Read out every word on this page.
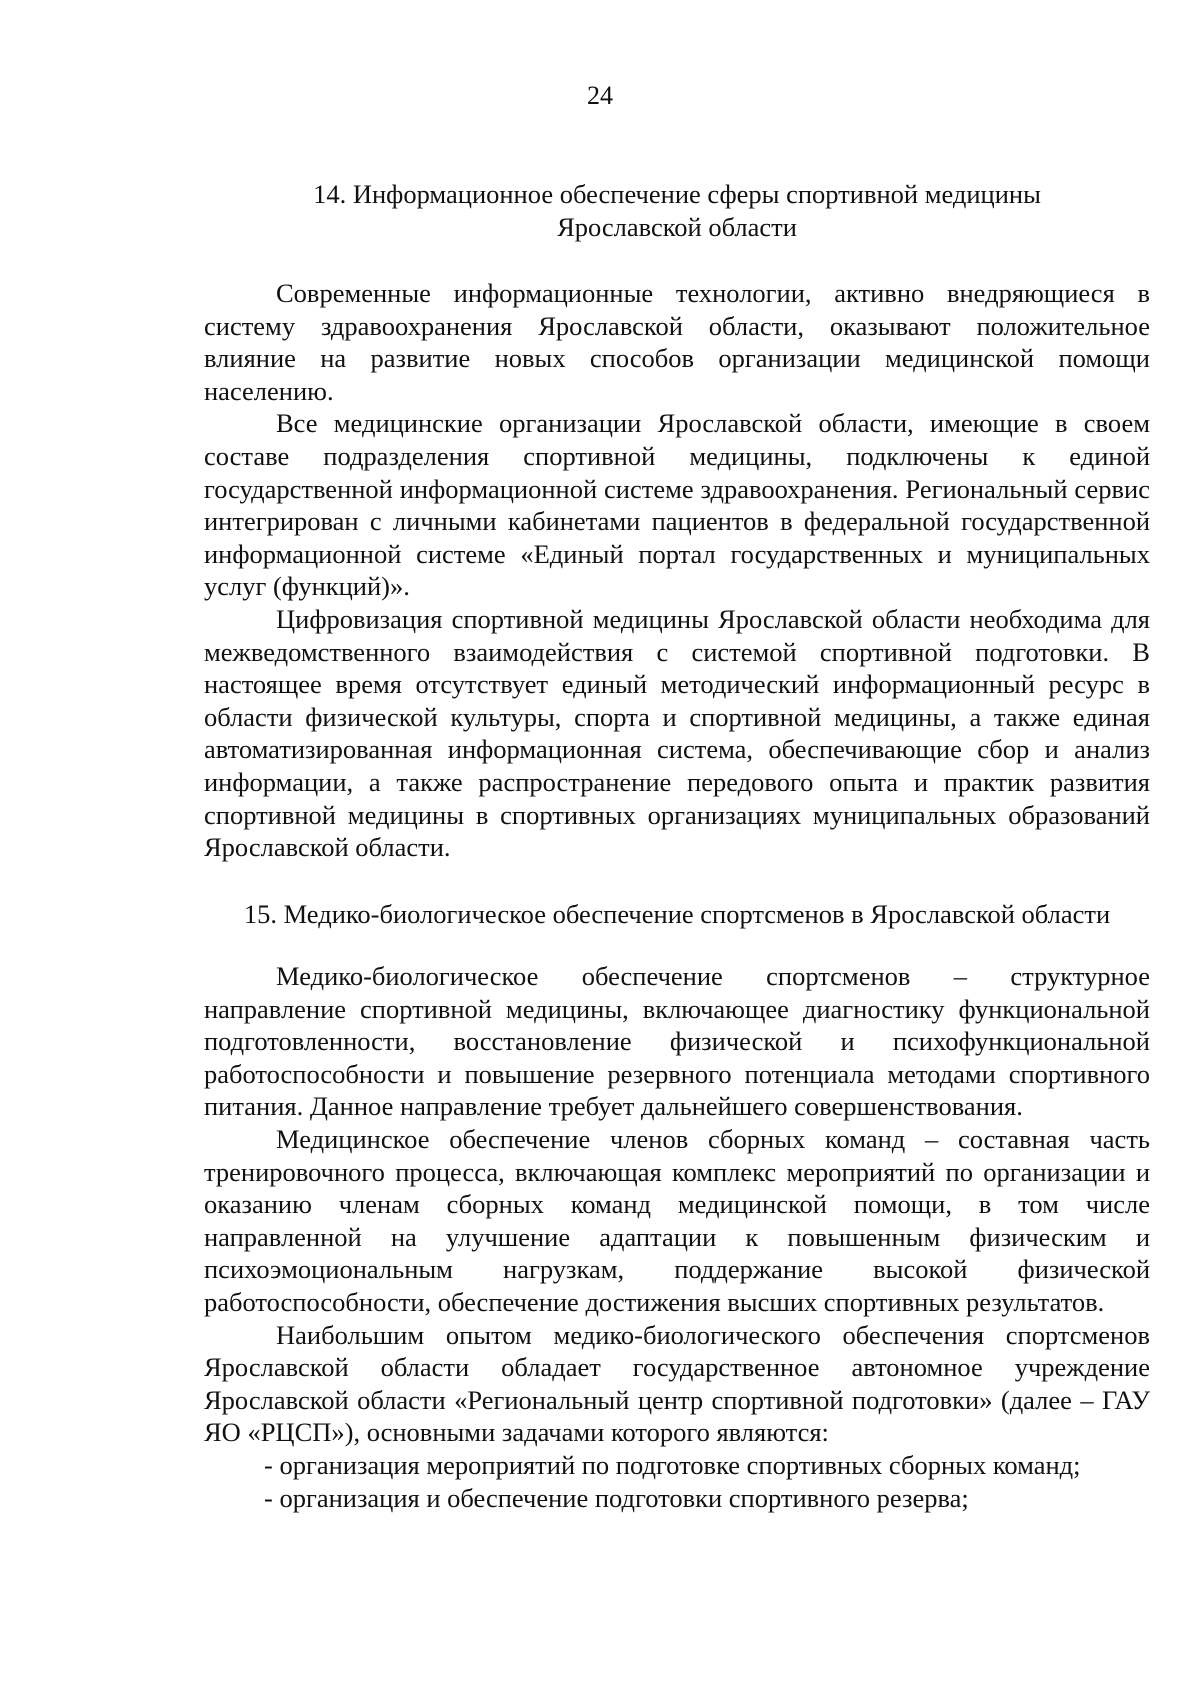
24

14. Информационное обеспечение сферы спортивной медицины

Ярославской области

Современные информационные технологии, активно внедряющиеся в систему здравоохранения Ярославской области, оказывают положительное влияние на развитие новых способов организации медицинской помощи населению.

Все медицинские организации Ярославской области, имеющие в своем составе подразделения спортивной медицины, подключены к единой государственной информационной системе здравоохранения. Региональный сервис интегрирован с личными кабинетами пациентов в федеральной государственной информационной системе «Единый портал государственных и муниципальных услуг (функций)».

Цифровизация спортивной медицины Ярославской области необходима для межведомственного взаимодействия с системой спортивной подготовки. В настоящее время отсутствует единый методический информационный ресурс в области физической культуры, спорта и спортивной медицины, а также единая автоматизированная информационная система, обеспечивающие сбор и анализ информации, а также распространение передового опыта и практик развития спортивной медицины в спортивных организациях муниципальных образований Ярославской области.

15. Медико-биологическое обеспечение спортсменов в Ярославской области

Медико-биологическое обеспечение спортсменов – структурное направление спортивной медицины, включающее диагностику функциональной подготовленности, восстановление физической и психофункциональной работоспособности и повышение резервного потенциала методами спортивного питания. Данное направление требует дальнейшего совершенствования.

Медицинское обеспечение членов сборных команд – составная часть тренировочного процесса, включающая комплекс мероприятий по организации и оказанию членам сборных команд медицинской помощи, в том числе направленной на улучшение адаптации к повышенным физическим и психоэмоциональным нагрузкам, поддержание высокой физической работоспособности, обеспечение достижения высших спортивных результатов.

Наибольшим опытом медико-биологического обеспечения спортсменов Ярославской области обладает государственное автономное учреждение Ярославской области «Региональный центр спортивной подготовки» (далее – ГАУ ЯО «РЦСП»), основными задачами которого являются:

- организация мероприятий по подготовке спортивных сборных команд;

- организация и обеспечение подготовки спортивного резерва;
